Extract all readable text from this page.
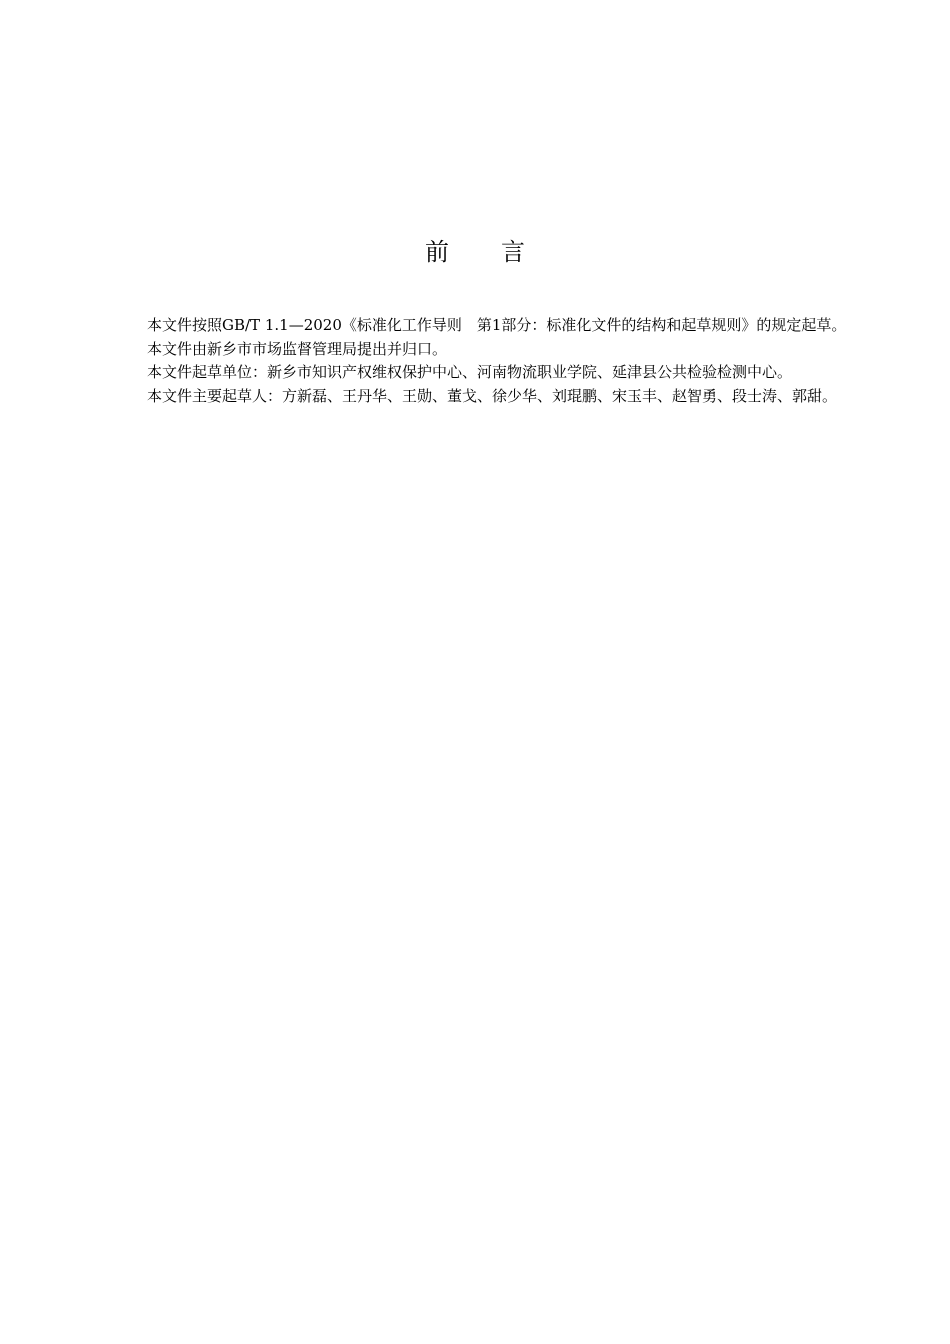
前 言

本文件按照GB/T 1.1—2020《标准化工作导则　第1部分：标准化文件的结构和起草规则》的规定起草。

本文件由新乡市市场监督管理局提出并归口。

本文件起草单位：新乡市知识产权维权保护中心、河南物流职业学院、延津县公共检验检测中心。

本文件主要起草人：方新磊、王丹华、王勋、董戈、徐少华、刘琨鹏、宋玉丰、赵智勇、段士涛、郭甜。
